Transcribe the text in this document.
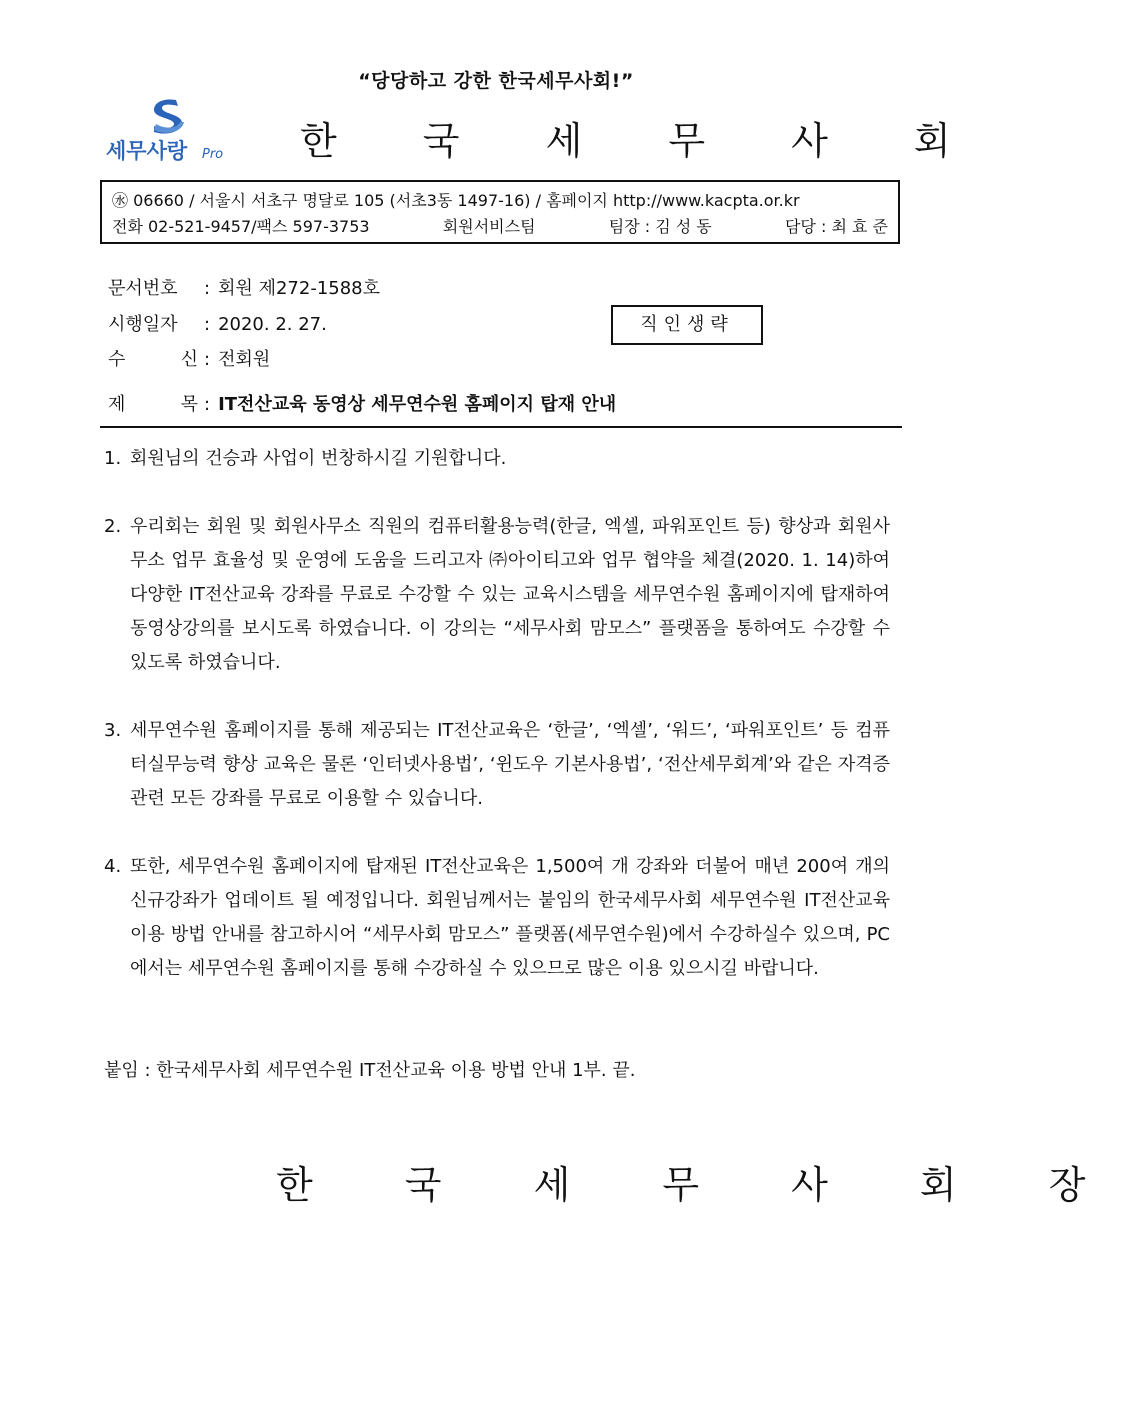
“당당하고 강한 한국세무사회!”
세무사랑 Pro 한 국 세 무 사 회
㊌ 06660 / 서울시 서초구 명달로 105 (서초3동 1497-16) / 홈페이지 http://www.kacpta.or.kr
전화 02-521-9457/팩스 597-3753	회원서비스팀	팀장 : 김 성 동	담당 : 최 효 준
문서번호 : 회원 제272-1588호
시행일자 : 2020. 2. 27.
수 신 : 전회원
제 목 : IT전산교육 동영상 세무연수원 홈페이지 탑재 안내
직인생략
1. 회원님의 건승과 사업이 번창하시길 기원합니다.
2. 우리회는 회원 및 회원사무소 직원의 컴퓨터활용능력(한글, 엑셀, 파워포인트 등) 향상과 회원사무소 업무 효율성 및 운영에 도움을 드리고자 ㈜아이티고와 업무 협약을 체결(2020. 1. 14)하여 다양한 IT전산교육 강좌를 무료로 수강할 수 있는 교육시스템을 세무연수원 홈페이지에 탑재하여 동영상강의를 보시도록 하였습니다. 이 강의는 “세무사회 맘모스” 플랫폼을 통하여도 수강할 수 있도록 하였습니다.
3. 세무연수원 홈페이지를 통해 제공되는 IT전산교육은 ‘한글’, ‘엑셀’, ‘워드’, ‘파워포인트’ 등 컴퓨터실무능력 향상 교육은 물론 ‘인터넷사용법’, ‘윈도우 기본사용법’, ‘전산세무회계’와 같은 자격증 관련 모든 강좌를 무료로 이용할 수 있습니다.
4. 또한, 세무연수원 홈페이지에 탑재된 IT전산교육은 1,500여 개 강좌와 더불어 매년 200여 개의 신규강좌가 업데이트 될 예정입니다. 회원님께서는 붙임의 한국세무사회 세무연수원 IT전산교육 이용 방법 안내를 참고하시어 “세무사회 맘모스” 플랫폼(세무연수원)에서 수강하실수 있으며, PC에서는 세무연수원 홈페이지를 통해 수강하실 수 있으므로 많은 이용 있으시길 바랍니다.
붙임 : 한국세무사회 세무연수원 IT전산교육 이용 방법 안내 1부. 끝.
한 국 세 무 사 회 장
